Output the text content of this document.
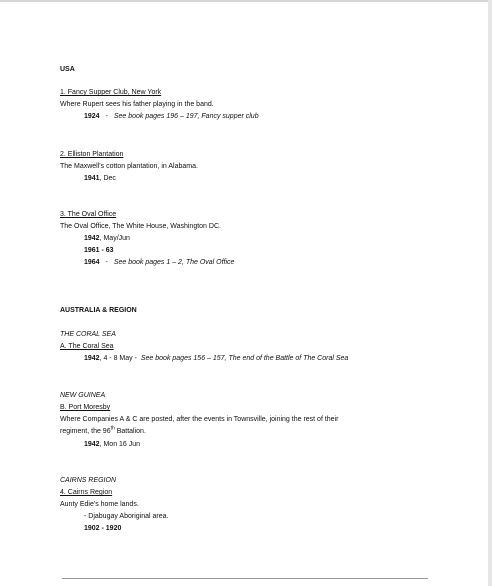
USA
1. Fancy Supper Club, New York
Where Rupert sees his father playing in the band.
1924 - See book pages 196 – 197, Fancy supper club
2. Elliston Plantation
The Maxwell's cotton plantation, in Alabama.
1941, Dec
3. The Oval Office
The Oval Office, The White House, Washington DC.
1942, May/Jun
1961 - 63
1964 - See book pages 1 – 2, The Oval Office
AUSTRALIA & REGION
THE CORAL SEA
A. The Coral Sea
1942, 4 - 8 May - See book pages 156 – 157, The end of the Battle of The Coral Sea
NEW GUINEA
B. Port Moresby
Where Companies A & C are posted, after the events in Townsville, joining the rest of their
regiment, the 96th Battalion.
1942, Mon 16 Jun
CAIRNS REGION
4. Cairns Region
Aunty Edie's home lands.
- Djabugay Aboriginal area.
1902 - 1920
